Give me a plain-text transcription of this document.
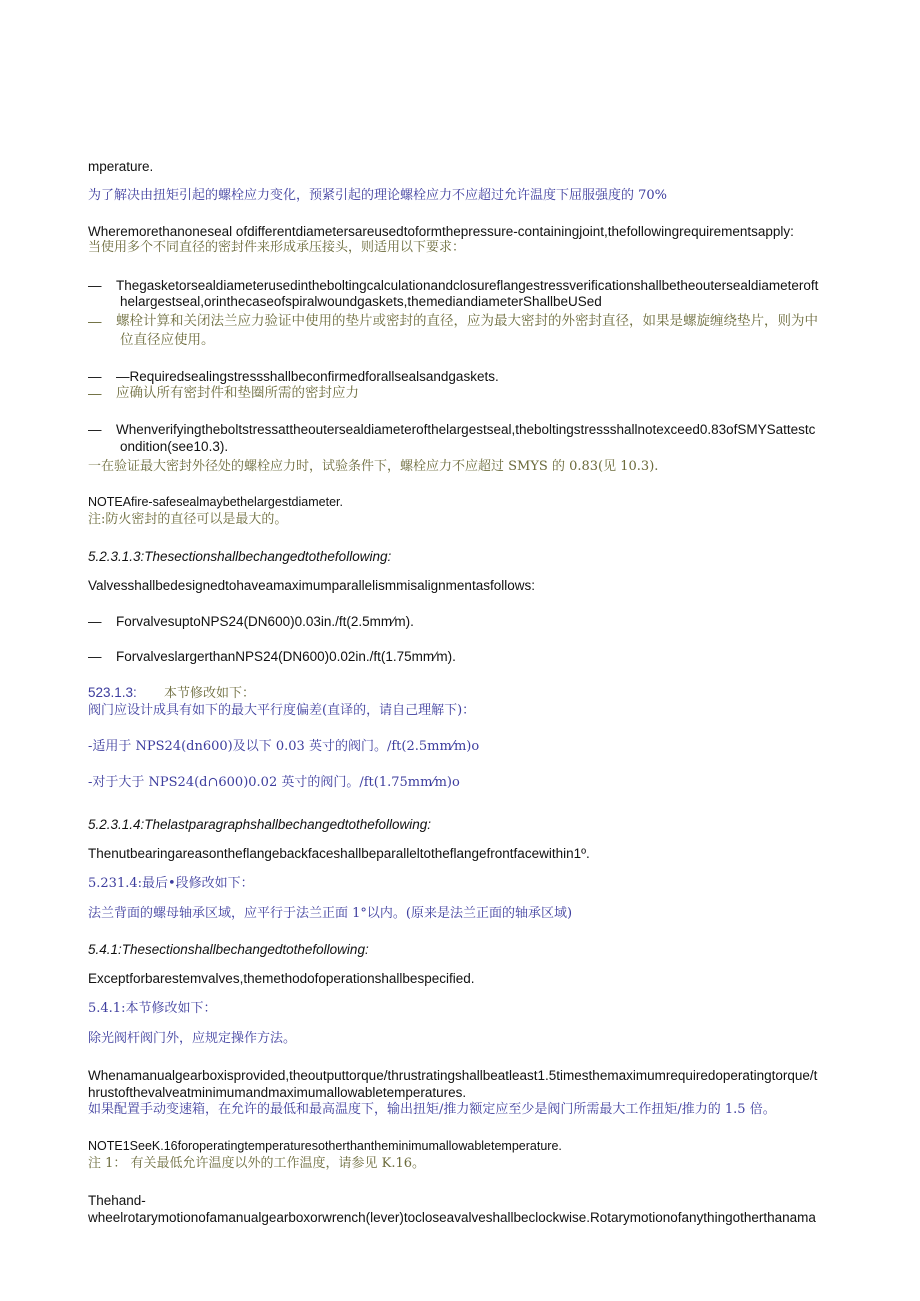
mperature.
为了解决由扭矩引起的螺栓应力变化，预紧引起的理论螺栓应力不应超过允许温度下屈服强度的 70%
Wheremorethanoneseal ofdifferentdiametersareusedtoformthepressure-containingjoint,thefollowingrequirementsapply:
当使用多个不同直径的密封件来形成承压接头，则适用以下要求：
— Thegasketorsealdiameterusedintheboltingcalculationandclosureflangestressverificationshallbetheoutersealdiameteroft
helargestseal,orinthecaseofspiralwoundgaskets,themediandiameterShallbeUSed
— 螺栓计算和关闭法兰应力验证中使用的垫片或密封的直径，应为最大密封的外密封直径，如果是螺旋缠绕垫片，则为中
位直径应使用。
— —Requiredsealingstressshallbeconfirmedforallsealsandgaskets.
— 应确认所有密封件和垫圈所需的密封应力
— Whenverifyingtheboltstressattheoutersealdiameterofthelargestseal,theboltingstressshallnotexceed0.83ofSMYSattestc
ondition(see10.3).
一在验证最大密封外径处的螺栓应力时，试验条件下，螺栓应力不应超过 SMYS 的 0.83(见 10.3).
NOTEAfire-safesealmaybethelargestdiameter.
注:防火密封的直径可以是最大的。
5.2.3.1.3:Thesectionshallbechangedtothefollowing:
Valvesshallbedesignedtohaveamaximumparallelismmisalignmentasfollows:
— ForvalvesuptoNPS24(DN600)0.03in./ft(2.5mm⁄m).
— ForvalveslargerthanNPS24(DN600)0.02in./ft(1.75mm⁄m).
523.1.3: 本节修改如下：
阀门应设计成具有如下的最大平行度偏差(直译的，请自己理解下)：
-适用于 NPS24(dn600)及以下 0.03 英寸的阀门。/ft(2.5mm⁄m)o
-对于大于 NPS24(d∩600)0.02 英寸的阀门。/ft(1.75mm⁄m)o
5.2.3.1.4:Thelastparagraphshallbechangedtothefollowing:
Thenutbearingareasontheflangebackfaceshallbeparalleltotheflangefrontfacewithin1º.
5.231.4:最后•段修改如下：
法兰背面的螺母轴承区域，应平行于法兰正面 1°以内。(原来是法兰正面的轴承区域)
5.4.1:Thesectionshallbechangedtothefollowing:
Exceptforbarestemvalves,themethodofoperationshallbespecified.
5.4.1:本节修改如下：
除光阀杆阀门外，应规定操作方法。
Whenamanualgearboxisprovided,theoutputtorque/thrustratingshallbeatleast1.5timesthemaximumrequiredoperatingtorque/t
hrustofthevalveatminimumandmaximumallowabletemperatures.
如果配置手动变速箱，在允许的最低和最高温度下，输出扭矩/推力额定应至少是阀门所需最大工作扭矩/推力的 1.5 倍。
NOTE1SeeK.16foroperatingtemperaturesotherthantheminimumallowabletemperature.
注 1： 有关最低允许温度以外的工作温度，请参见 K.16。
Thehand-
wheelrotarymotionofamanualgearboxorwrench(lever)tocloseavalveshallbeclockwise.Rotarymotionofanythingotherthanama
